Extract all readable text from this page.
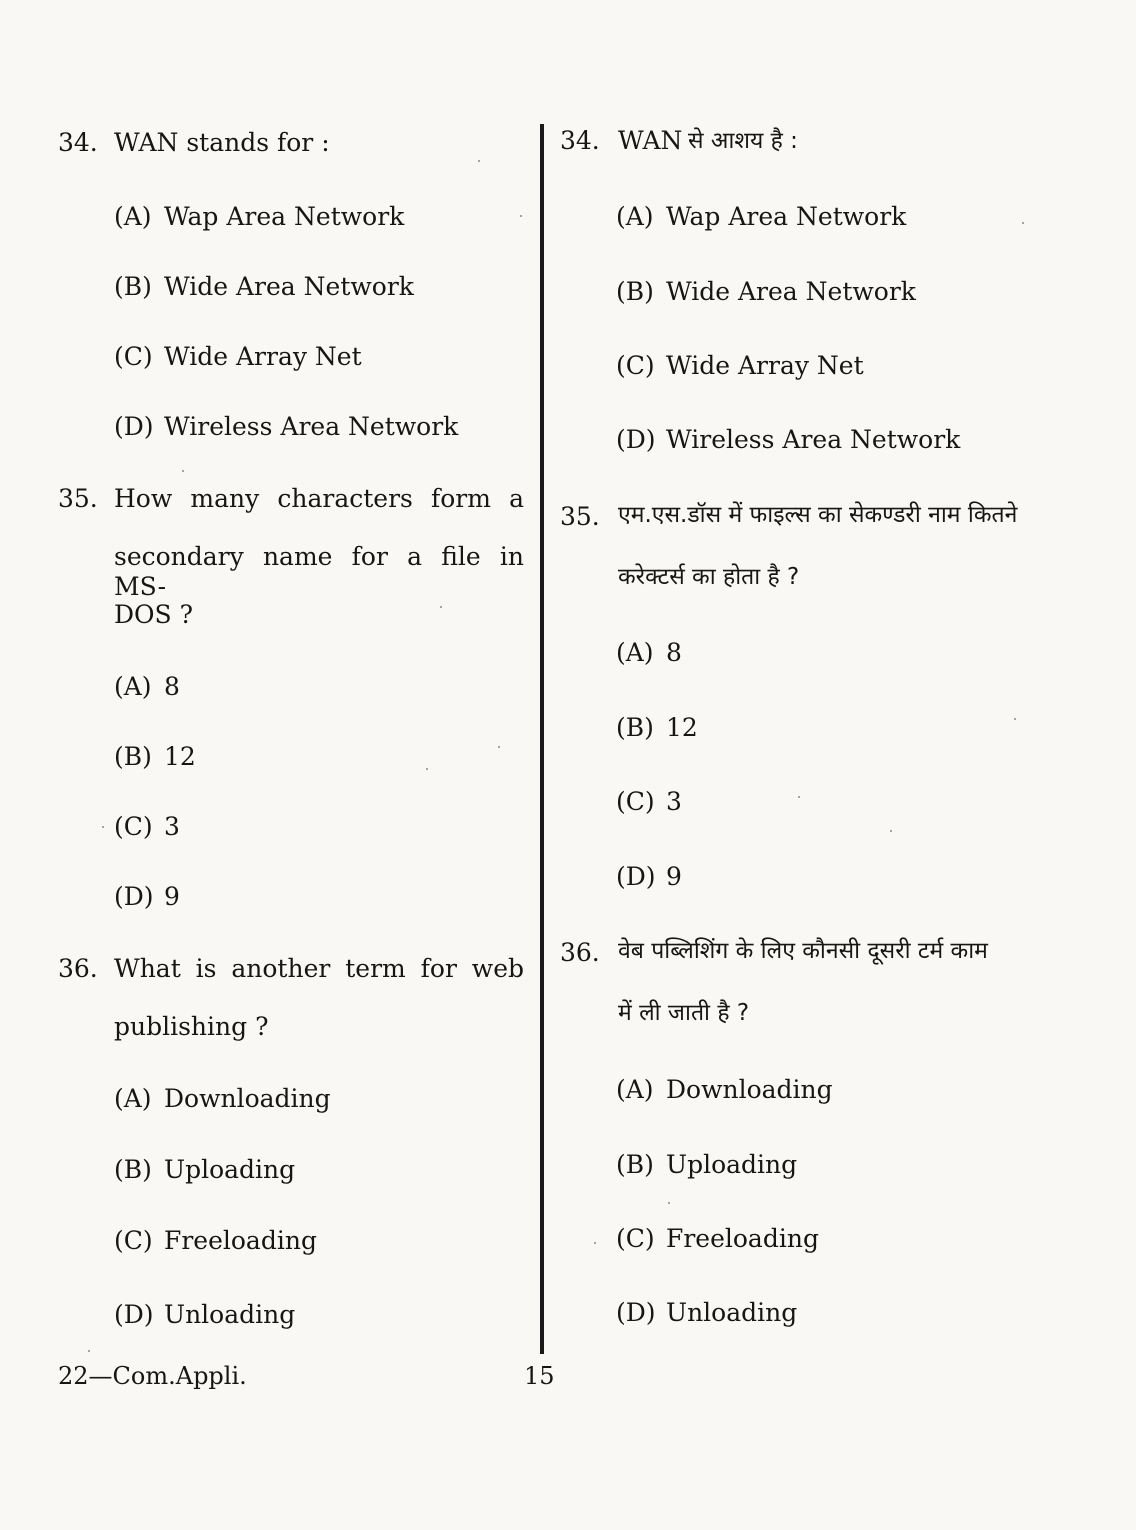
34. WAN stands for :
(A) Wap Area Network
(B) Wide Area Network
(C) Wide Array Net
(D) Wireless Area Network
35. How many characters form a
secondary name for a file in MS-
DOS ?
(A) 8
(B) 12
(C) 3
(D) 9
36. What is another term for web
publishing ?
(A) Downloading
(B) Uploading
(C) Freeloading
(D) Unloading
34. WAN से आशय है :
(A) Wap Area Network
(B) Wide Area Network
(C) Wide Array Net
(D) Wireless Area Network
35. एम.एस.डॉस में फाइल्स का सेकण्डरी नाम कितने
करेक्टर्स का होता है ?
(A) 8
(B) 12
(C) 3
(D) 9
36. वेब पब्लिशिंग के लिए कौनसी दूसरी टर्म काम
में ली जाती है ?
(A) Downloading
(B) Uploading
(C) Freeloading
(D) Unloading
22—Com.Appli.	15
